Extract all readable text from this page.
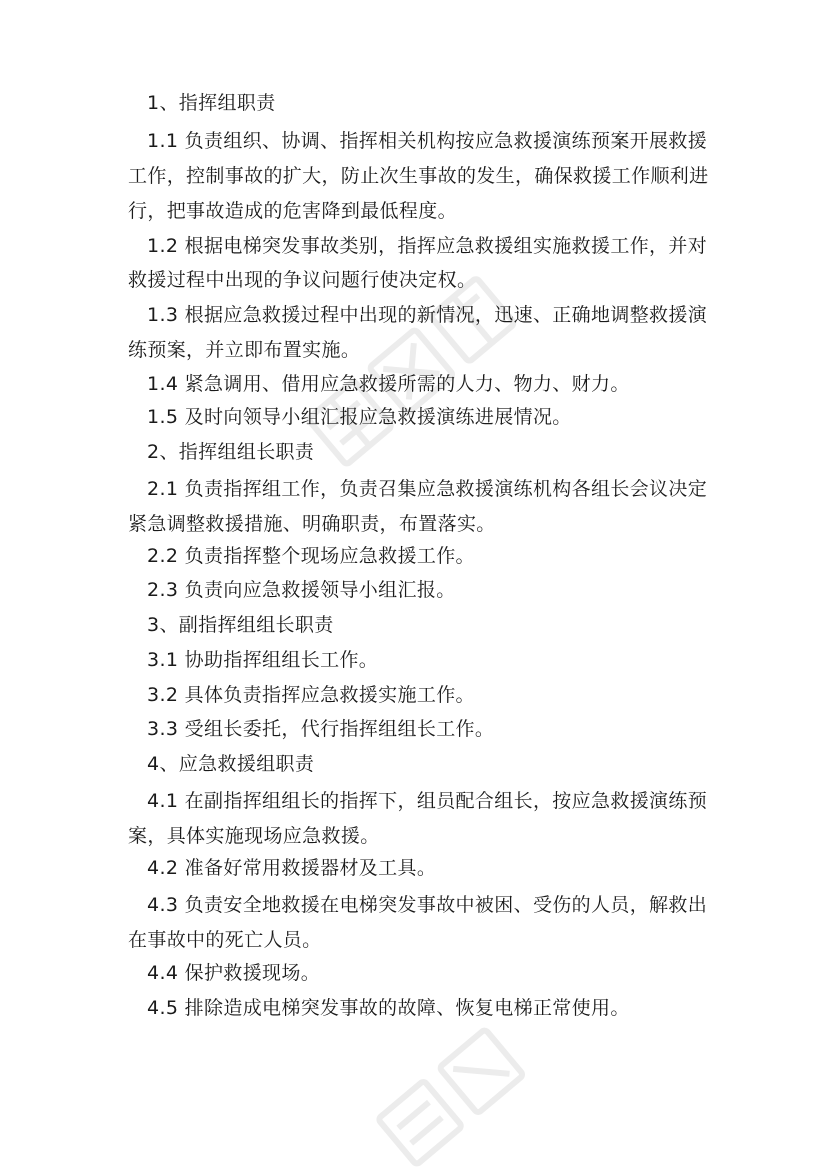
1、指挥组职责
1.1 负责组织、协调、指挥相关机构按应急救援演练预案开展救援
工作，控制事故的扩大，防止次生事故的发生，确保救援工作顺利进
行，把事故造成的危害降到最低程度。
1.2 根据电梯突发事故类别，指挥应急救援组实施救援工作，并对
救援过程中出现的争议问题行使决定权。
1.3 根据应急救援过程中出现的新情况，迅速、正确地调整救援演
练预案，并立即布置实施。
1.4 紧急调用、借用应急救援所需的人力、物力、财力。
1.5 及时向领导小组汇报应急救援演练进展情况。
2、指挥组组长职责
2.1 负责指挥组工作，负责召集应急救援演练机构各组长会议决定
紧急调整救援措施、明确职责，布置落实。
2.2 负责指挥整个现场应急救援工作。
2.3 负责向应急救援领导小组汇报。
3、副指挥组组长职责
3.1 协助指挥组组长工作。
3.2 具体负责指挥应急救援实施工作。
3.3 受组长委托，代行指挥组组长工作。
4、应急救援组职责
4.1 在副指挥组组长的指挥下，组员配合组长，按应急救援演练预
案，具体实施现场应急救援。
4.2 准备好常用救援器材及工具。
4.3 负责安全地救援在电梯突发事故中被困、受伤的人员，解救出
在事故中的死亡人员。
4.4 保护救援现场。
4.5 排除造成电梯突发事故的故障、恢复电梯正常使用。
